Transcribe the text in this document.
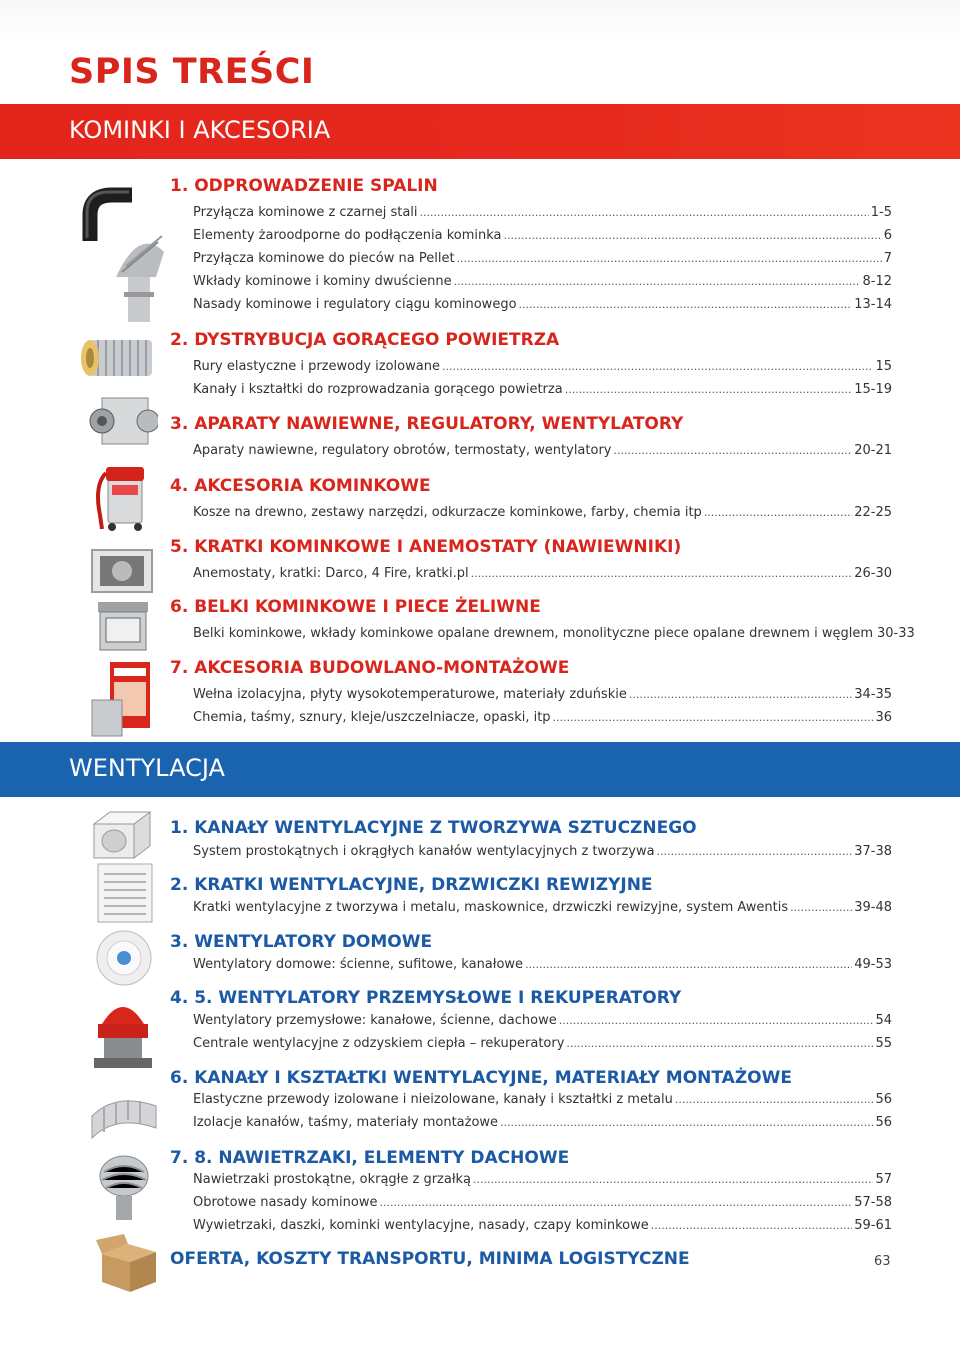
SPIS TREŚCI
KOMINKI I AKCESORIA
WENTYLACJA
1. ODPROWADZENIE SPALIN
Przyłącza kominowe z czarnej stali .....	1-5
Elementy żaroodporne do podłączenia kominka .....	6
Przyłącza kominowe do pieców na Pellet .....	7
Wkłady kominowe i kominy dwuścienne .....	8-12
Nasady kominowe i regulatory ciągu kominowego .....	13-14
2. DYSTRYBUCJA GORĄCEGO POWIETRZA
Rury elastyczne i przewody izolowane .....	15
Kanały i kształtki do rozprowadzania gorącego powietrza .....	15-19
3. APARATY NAWIEWNE, REGULATORY, WENTYLATORY
Aparaty nawiewne, regulatory obrotów, termostaty, wentylatory .....	20-21
4. AKCESORIA KOMINKOWE
Kosze na drewno, zestawy narzędzi, odkurzacze kominkowe, farby, chemia itp .....	22-25
5. KRATKI KOMINKOWE I ANEMOSTATY (NAWIEWNIKI)
Anemostaty, kratki: Darco, 4 Fire, kratki.pl .....	26-30
6. BELKI KOMINKOWE I PIECE ŻELIWNE
Belki kominkowe, wkłady kominkowe opalane drewnem, monolityczne piece opalane drewnem i węglem 30-33
7. AKCESORIA BUDOWLANO-MONTAŻOWE
Wełna izolacyjna, płyty wysokotemperaturowe, materiały zduńskie .....	34-35
Chemia, taśmy, sznury, kleje/uszczelniacze, opaski, itp .....	36
1. KANAŁY WENTYLACYJNE Z TWORZYWA SZTUCZNEGO
System prostokątnych i okrągłych kanałów wentylacyjnych z tworzywa .....	37-38
2. KRATKI WENTYLACYJNE, DRZWICZKI REWIZYJNE
Kratki wentylacyjne z tworzywa i metalu, maskownice, drzwiczki rewizyjne, system Awentis .....	39-48
3. WENTYLATORY DOMOWE
Wentylatory domowe: ścienne, sufitowe, kanałowe .....	49-53
4. 5. WENTYLATORY PRZEMYSŁOWE I REKUPERATORY
Wentylatory przemysłowe: kanałowe, ścienne, dachowe .....	54
Centrale wentylacyjne z odzyskiem ciepła – rekuperatory .....	55
6. KANAŁY I KSZTAŁTKI WENTYLACYJNE, MATERIAŁY MONTAŻOWE
Elastyczne przewody izolowane i nieizolowane, kanały i kształtki z metalu .....	56
Izolacje kanałów, taśmy, materiały montażowe .....	56
7. 8. NAWIETRZAKI, ELEMENTY DACHOWE
Nawietrzaki prostokątne, okrągłe z grzałką .....	57
Obrotowe nasady kominowe .....	57-58
Wywietrzaki, daszki, kominki wentylacyjne, nasady, czapy kominkowe .....	59-61
OFERTA, KOSZTY TRANSPORTU, MINIMA LOGISTYCZNE	63
